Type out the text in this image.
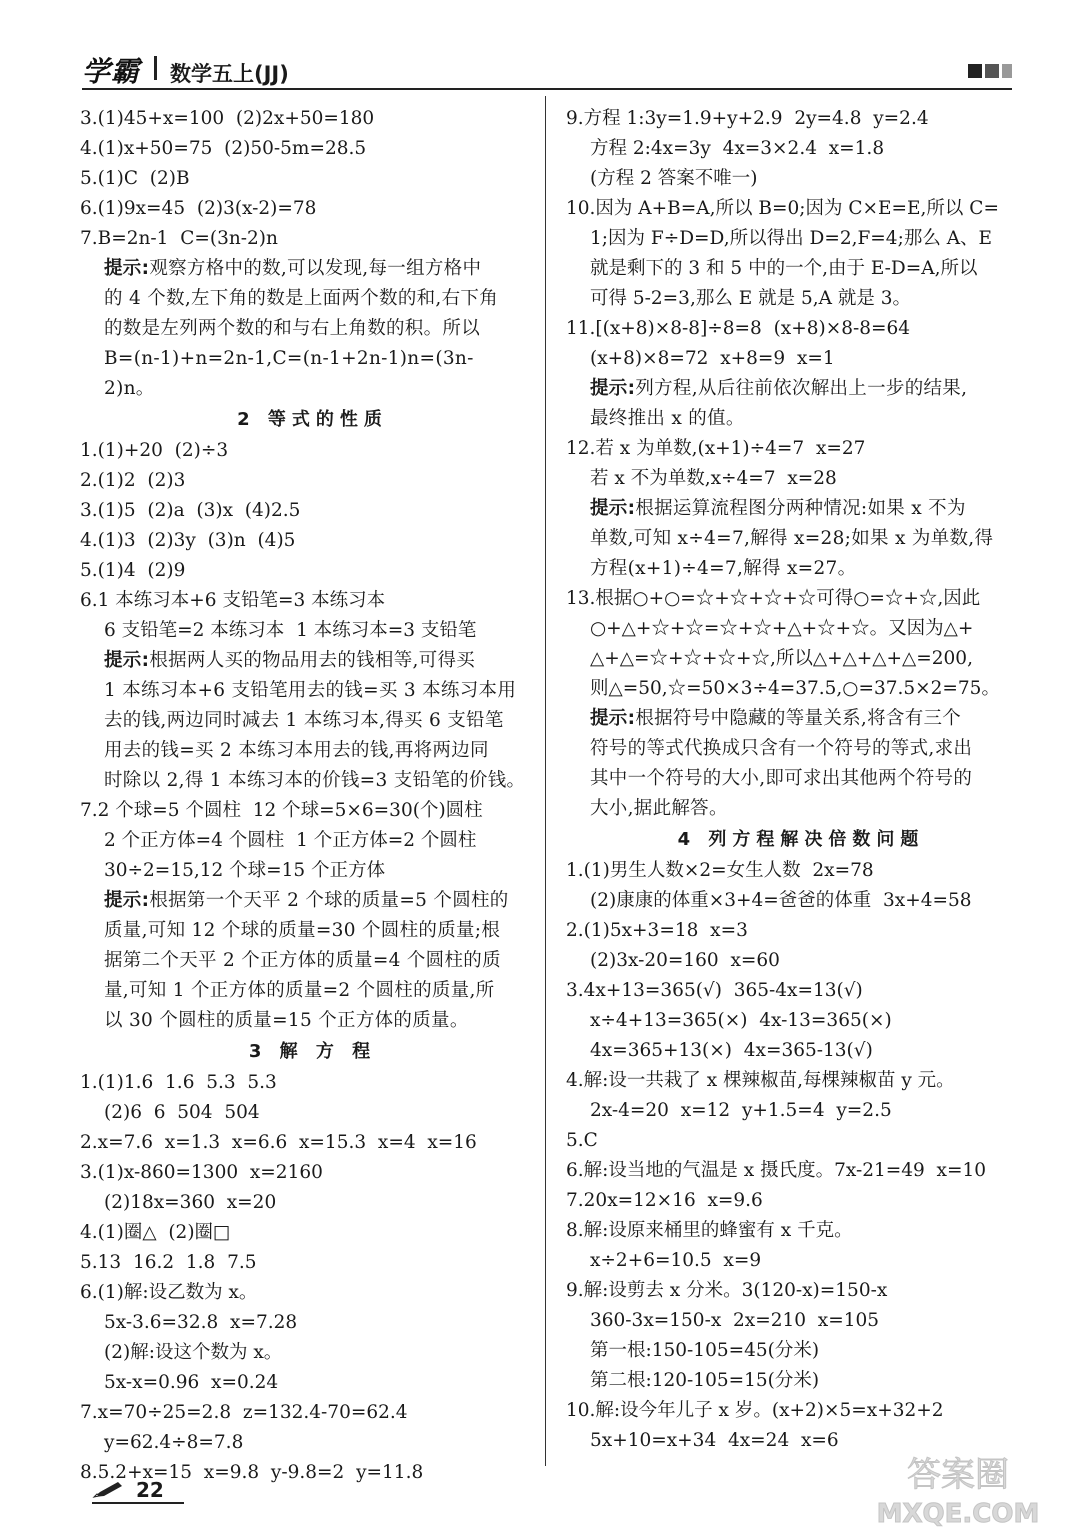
学霸 数学五上(JJ)
3.(1)45+x=100  (2)2x+50=180
4.(1)x+50=75  (2)50-5m=28.5
5.(1)C  (2)B
6.(1)9x=45  (2)3(x-2)=78
7.B=2n-1  C=(3n-2)n
提示:观察方格中的数,可以发现,每一组方格中
的 4 个数,左下角的数是上面两个数的和,右下角
的数是左列两个数的和与右上角数的积。所以
B=(n-1)+n=2n-1,C=(n-1+2n-1)n=(3n-
2)n。
2 等式的性质
1.(1)+20  (2)÷3
2.(1)2  (2)3
3.(1)5  (2)a  (3)x  (4)2.5
4.(1)3  (2)3y  (3)n  (4)5
5.(1)4  (2)9
6.1 本练习本+6 支铅笔=3 本练习本
6 支铅笔=2 本练习本  1 本练习本=3 支铅笔
提示:根据两人买的物品用去的钱相等,可得买
1 本练习本+6 支铅笔用去的钱=买 3 本练习本用
去的钱,两边同时减去 1 本练习本,得买 6 支铅笔
用去的钱=买 2 本练习本用去的钱,再将两边同
时除以 2,得 1 本练习本的价钱=3 支铅笔的价钱。
7.2 个球=5 个圆柱  12 个球=5×6=30(个)圆柱
2 个正方体=4 个圆柱  1 个正方体=2 个圆柱
30÷2=15,12 个球=15 个正方体
提示:根据第一个天平 2 个球的质量=5 个圆柱的
质量,可知 12 个球的质量=30 个圆柱的质量;根
据第二个天平 2 个正方体的质量=4 个圆柱的质
量,可知 1 个正方体的质量=2 个圆柱的质量,所
以 30 个圆柱的质量=15 个正方体的质量。
3 解 方 程
1.(1)1.6  1.6  5.3  5.3
(2)6  6  504  504
2.x=7.6  x=1.3  x=6.6  x=15.3  x=4  x=16
3.(1)x-860=1300  x=2160
(2)18x=360  x=20
4.(1)圈△  (2)圈□
5.13  16.2  1.8  7.5
6.(1)解:设乙数为 x。
5x-3.6=32.8  x=7.28
(2)解:设这个数为 x。
5x-x=0.96  x=0.24
7.x=70÷25=2.8  z=132.4-70=62.4
y=62.4÷8=7.8
8.5.2+x=15  x=9.8  y-9.8=2  y=11.8
9.方程 1:3y=1.9+y+2.9  2y=4.8  y=2.4
方程 2:4x=3y  4x=3×2.4  x=1.8
(方程 2 答案不唯一)
10.因为 A+B=A,所以 B=0;因为 C×E=E,所以 C=
1;因为 F÷D=D,所以得出 D=2,F=4;那么 A、E
就是剩下的 3 和 5 中的一个,由于 E-D=A,所以
可得 5-2=3,那么 E 就是 5,A 就是 3。
11.[(x+8)×8-8]÷8=8  (x+8)×8-8=64
(x+8)×8=72  x+8=9  x=1
提示:列方程,从后往前依次解出上一步的结果,
最终推出 x 的值。
12.若 x 为单数,(x+1)÷4=7  x=27
若 x 不为单数,x÷4=7  x=28
提示:根据运算流程图分两种情况:如果 x 不为
单数,可知 x÷4=7,解得 x=28;如果 x 为单数,得
方程(x+1)÷4=7,解得 x=27。
13.根据○+○=☆+☆+☆+☆可得○=☆+☆,因此
○+△+☆+☆=☆+☆+△+☆+☆。又因为△+
△+△=☆+☆+☆+☆,所以△+△+△+△=200,
则△=50,☆=50×3÷4=37.5,○=37.5×2=75。
提示:根据符号中隐藏的等量关系,将含有三个
符号的等式代换成只含有一个符号的等式,求出
其中一个符号的大小,即可求出其他两个符号的
大小,据此解答。
4 列方程解决倍数问题
1.(1)男生人数×2=女生人数  2x=78
(2)康康的体重×3+4=爸爸的体重  3x+4=58
2.(1)5x+3=18  x=3
(2)3x-20=160  x=60
3.4x+13=365(√)  365-4x=13(√)
x÷4+13=365(×)  4x-13=365(×)
4x=365+13(×)  4x=365-13(√)
4.解:设一共栽了 x 棵辣椒苗,每棵辣椒苗 y 元。
2x-4=20  x=12  y+1.5=4  y=2.5
5.C
6.解:设当地的气温是 x 摄氏度。7x-21=49  x=10
7.20x=12×16  x=9.6
8.解:设原来桶里的蜂蜜有 x 千克。
x÷2+6=10.5  x=9
9.解:设剪去 x 分米。3(120-x)=150-x
360-3x=150-x  2x=210  x=105
第一根:150-105=45(分米)
第二根:120-105=15(分米)
10.解:设今年儿子 x 岁。(x+2)×5=x+32+2
5x+10=x+34  4x=24  x=6
22	答案圈
MXQE.COM
